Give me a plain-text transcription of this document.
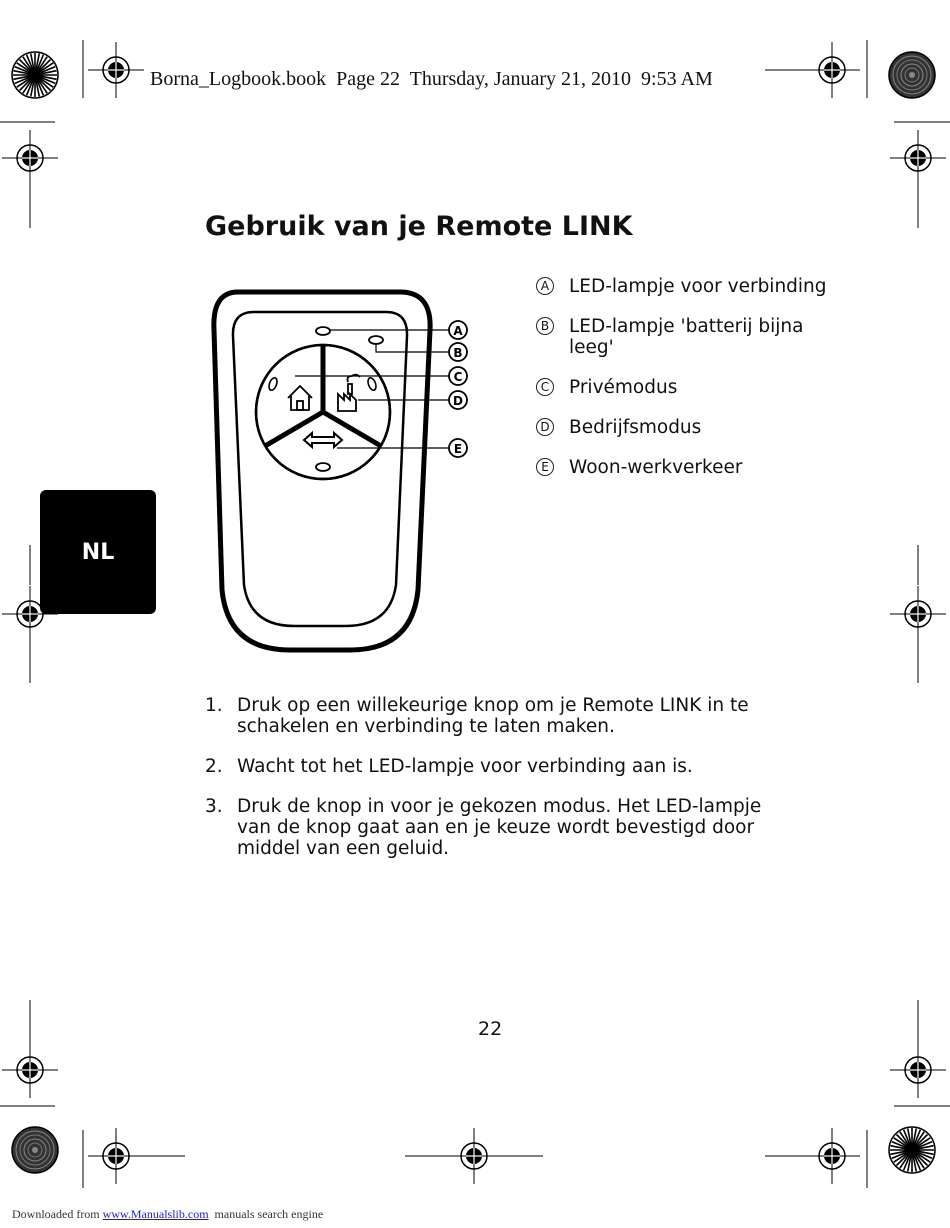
Borna_Logbook.book  Page 22  Thursday, January 21, 2010  9:53 AM
Gebruik van je Remote LINK
NL
A
B
C
D
E
A LED-lampje voor verbinding
B LED-lampje 'batterij bijna leeg'
C Privémodus
D Bedrijfsmodus
E Woon-werkverkeer
1. Druk op een willekeurige knop om je Remote LINK in te schakelen en verbinding te laten maken.
2. Wacht tot het LED-lampje voor verbinding aan is.
3. Druk de knop in voor je gekozen modus. Het LED-lampje van de knop gaat aan en je keuze wordt bevestigd door middel van een geluid.
22
Downloaded from www.Manualslib.com  manuals search engine
